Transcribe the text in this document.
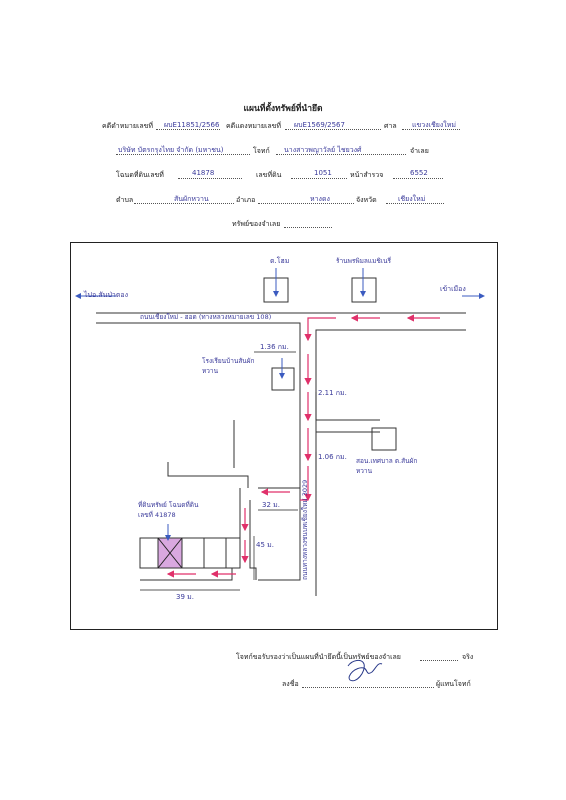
แผนที่ตั้งทรัพย์ที่นำยึด
คดีดำหมายเลขที่ ผบE11851/2566 คดีแดงหมายเลขที่ ผบE1569/2567	ศาล แขวงเชียงใหม่
บริษัท บัตรกรุงไทย จำกัด (มหาชน)	โจทก์ นางสาวพญาวัลย์ ไชยวงศ์	จำเลย
โฉนดที่ดินเลขที่	41878	เลขที่ดิน	1051	หน้าสำรวจ	6552
ตำบล	สันผักหวาน	อำเภอ	หางดง	จังหวัด	เชียงใหม่
ทรัพย์ของจำเลย
ไปอ.สันป่าตอง
เข้าเมือง
ถนนเชียงใหม่ - ฮอด (ทางหลวงหมายเลข 108)
ต.โฮม	ร้านพรพิมลแมชิเนรี่
โรงเรียนบ้านสันผักหวาน
สอน.เทศบาล ต.สันผักหวาน
ที่ดินทรัพย์ โฉนดที่ดินเลขที่ 41878
1.36 กม.
2.11 กม.
1.06 กม.
32 ม.
45 ม.
39 ม.
ถนนทางหลวงชนบทเชียงใหม่ 3029
โจทก์ขอรับรองว่าเป็นแผนที่นำยึดนี้เป็นทรัพย์ของจำเลย	จริง
ลงชื่อ	ผู้แทนโจทก์
